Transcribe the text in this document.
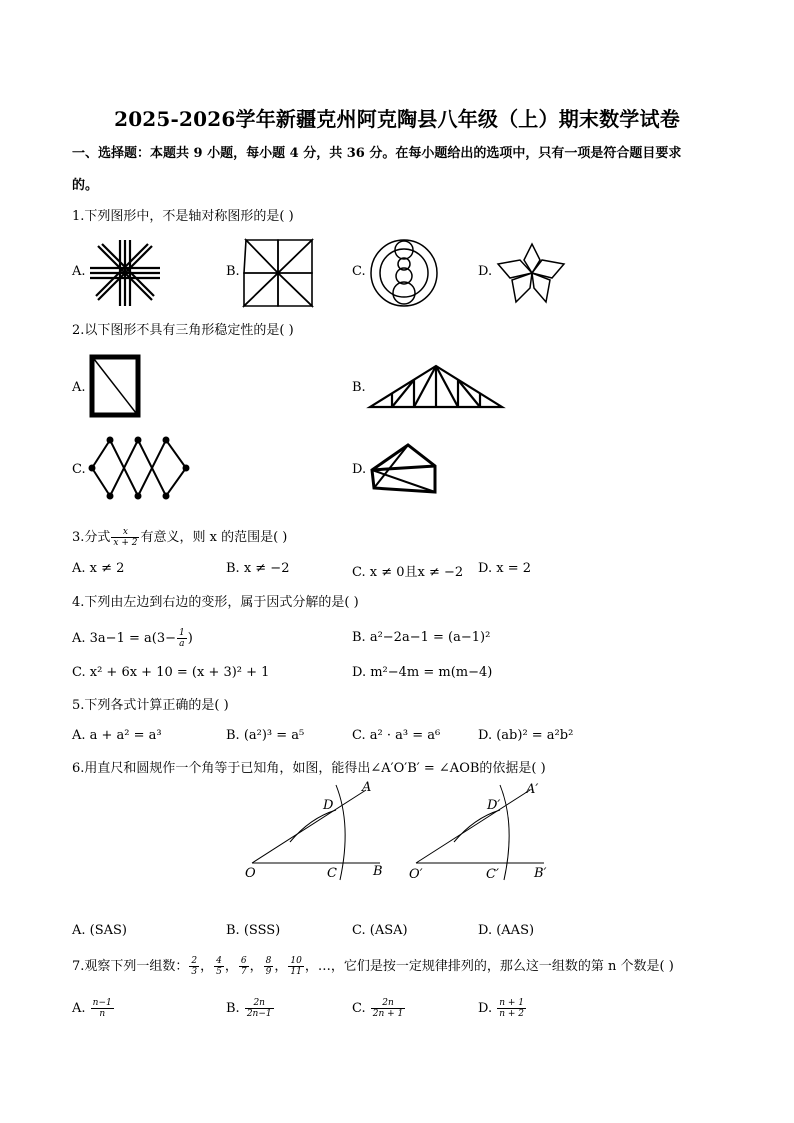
2025-2026学年新疆克州阿克陶县八年级（上）期末数学试卷
一、选择题：本题共 9 小题，每小题 4 分，共 36 分。在每小题给出的选项中，只有一项是符合题目要求
的。
1.下列图形中，不是轴对称图形的是( )
A.	B.	C.	D.
2.以下图形不具有三角形稳定性的是( )
A.	B.
C.	D.
3.分式 $\frac{x}{x + 2}$ 有意义，则 x 的范围是( )
A. x ≠ 2	B. x ≠ −2	C. x ≠ 0且x ≠ −2 D. x = 2
4.下列由左边到右边的变形，属于因式分解的是( )
A. $3a-1 = a(3- \frac{1}{a}$ )	B. a²−2a−1 = (a−1)²
C. x² + 6x + 10 = (x + 3)² + 1	D. m²−4m = m(m−4)
5.下列各式计算正确的是( )
A. a + a² = a³	B. (a²)³ = a⁵	C. a² · a³ = a⁶	D. (ab)² = a²b²
6.用直尺和圆规作一个角等于已知角，如图，能得出∠A′O′B′ = ∠AOB的依据是( )
O	C	B
D
A
O′	C′	B′
D′
A′
A. (SAS)	B. (SSS)	C. (ASA)	D. (AAS)
7.观察下列一组数： $\frac{2}{3}$ ， $\frac{4}{5}$ ， $\frac{6}{7}$ ， $\frac{8}{9}$ ， $\frac{10}{11}$ ，…，它们是按一定规律排列的，那么这一组数的第 n 个数是( )
A. $\frac{n-1}{n}$	B. $\frac{2n}{2n-1}$	C. $\frac{2n}{2n + 1}$	D. $\frac{n + 1}{n + 2}$
